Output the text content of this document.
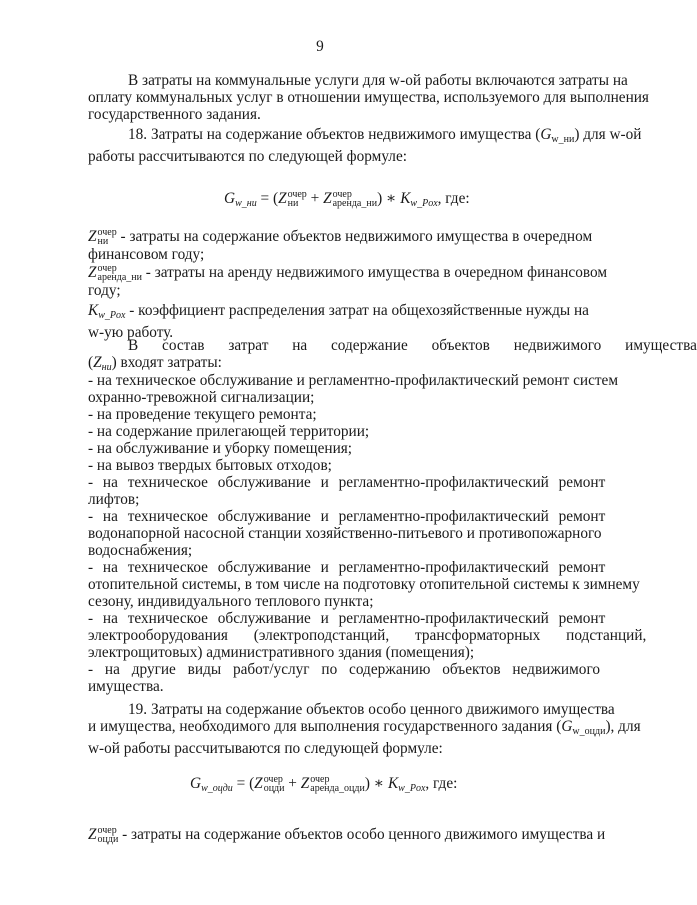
9
В затраты на коммунальные услуги для w-ой работы включаются затраты на
оплату коммунальных услуг в отношении имущества, используемого для выполнения
государственного задания.
18. Затраты на содержание объектов недвижимого имущества $(G_{w\_ни})$ для w-ой
работы рассчитываются по следующей формуле:
$G_{w\_ни} = (Z$ очер
ни + Z очер
аренда_ни ) ∗ $K_{w\_Pox}$, где:
Z очер
ни - затраты на содержание объектов недвижимого имущества в очередном
финансовом году;
Z очер
аренда_ни - затраты на аренду недвижимого имущества в очередном финансовом
году;
$K_{w\_Pox}$ - коэффициент распределения затрат на общехозяйственные нужды на
w-ую работу.
В состав затрат на содержание объектов недвижимого имущества
$(Z_{ни})$ входят затраты:
- на техническое обслуживание и регламентно-профилактический ремонт систем
охранно-тревожной сигнализации;
- на проведение текущего ремонта;
- на содержание прилегающей территории;
- на обслуживание и уборку помещения;
- на вывоз твердых бытовых отходов;
- на техническое обслуживание и регламентно-профилактический ремонт
лифтов;
- на техническое обслуживание и регламентно-профилактический ремонт
водонапорной насосной станции хозяйственно-питьевого и противопожарного
водоснабжения;
- на техническое обслуживание и регламентно-профилактический ремонт
отопительной системы, в том числе на подготовку отопительной системы к зимнему
сезону, индивидуального теплового пункта;
- на техническое обслуживание и регламентно-профилактический ремонт
электрооборудования (электроподстанций, трансформаторных подстанций,
электрощитовых) административного здания (помещения);
- на другие виды работ/услуг по содержанию объектов недвижимого
имущества.
19. Затраты на содержание объектов особо ценного движимого имущества
и имущества, необходимого для выполнения государственного задания $(G_{w\_оцди})$, для
w-ой работы рассчитываются по следующей формуле:
$G_{w\_оцди} = (Z$ очер
оцди + Z очер
аренда_оцди ) ∗ $K_{w\_Pox}$, где:
Z очер
оцди - затраты на содержание объектов особо ценного движимого имущества и
